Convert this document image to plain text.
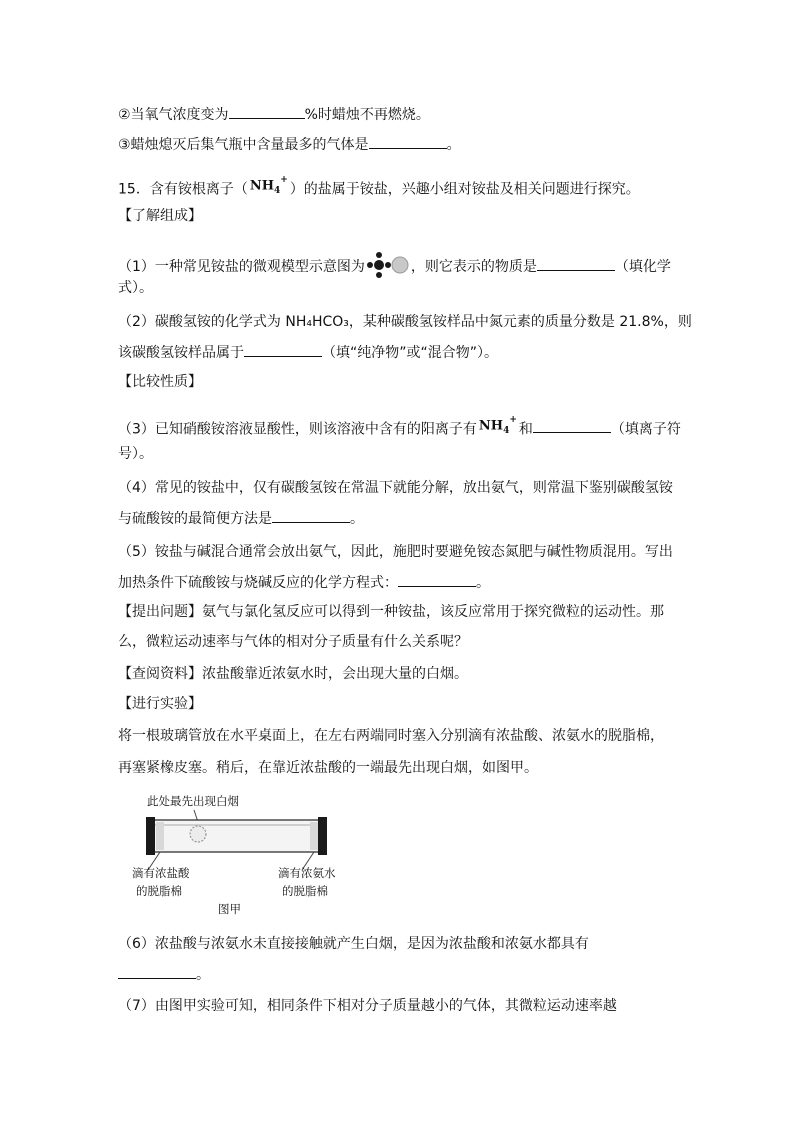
②当氧气浓度变为	%时蜡烛不再燃烧。
③蜡烛熄灭后集气瓶中含量最多的气体是	。
15．含有铵根离子（ $NH_4^+$）的盐属于铵盐，兴趣小组对铵盐及相关问题进行探究。
【了解组成】
（1）一种常见铵盐的微观模型示意图为	，则它表示的物质是	（填化学
式）。
（2）碳酸氢铵的化学式为 NH₄HCO₃，某种碳酸氢铵样品中氮元素的质量分数是 21.8%，则
该碳酸氢铵样品属于	（填“纯净物”或“混合物”）。
【比较性质】
（3）已知硝酸铵溶液显酸性，则该溶液中含有的阳离子有 $NH_4^+$和	（填离子符
号）。
（4）常见的铵盐中，仅有碳酸氢铵在常温下就能分解，放出氨气，则常温下鉴别碳酸氢铵
与硫酸铵的最简便方法是	。
（5）铵盐与碱混合通常会放出氨气，因此，施肥时要避免铵态氮肥与碱性物质混用。写出
加热条件下硫酸铵与烧碱反应的化学方程式：	。
【提出问题】氨气与氯化氢反应可以得到一种铵盐，该反应常用于探究微粒的运动性。那
么，微粒运动速率与气体的相对分子质量有什么关系呢？
【查阅资料】浓盐酸靠近浓氨水时，会出现大量的白烟。
【进行实验】
将一根玻璃管放在水平桌面上，在左右两端同时塞入分别滴有浓盐酸、浓氨水的脱脂棉，
再塞紧橡皮塞。稍后，在靠近浓盐酸的一端最先出现白烟，如图甲。
此处最先出现白烟
滴有浓盐酸
的脱脂棉
滴有浓氨水
的脱脂棉
图甲
（6）浓盐酸与浓氨水未直接接触就产生白烟，是因为浓盐酸和浓氨水都具有
。
（7）由图甲实验可知，相同条件下相对分子质量越小的气体，其微粒运动速率越
